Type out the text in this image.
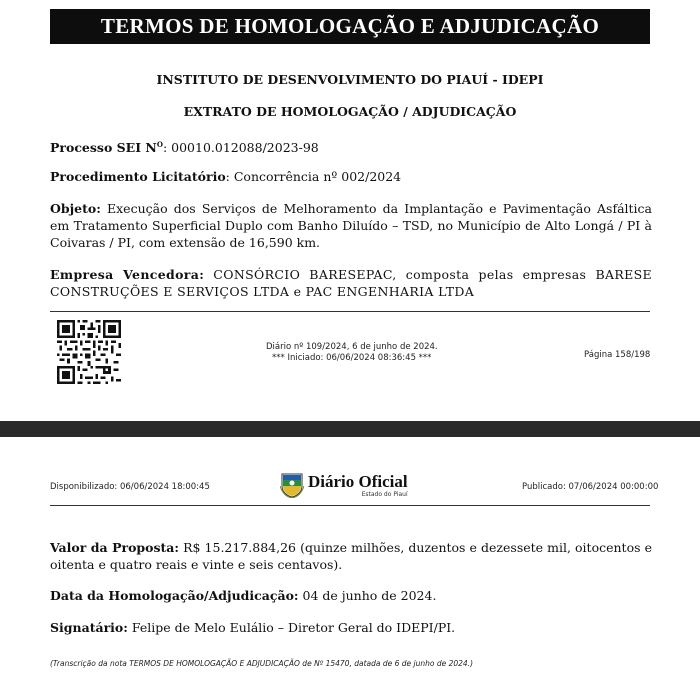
TERMOS DE HOMOLOGAÇÃO E ADJUDICAÇÃO
INSTITUTO DE DESENVOLVIMENTO DO PIAUÍ - IDEPI
EXTRATO DE HOMOLOGAÇÃO / ADJUDICAÇÃO
Processo SEI $N^O$: 00010.012088/2023-98
Procedimento Licitatório: Concorrência nº 002/2024
Objeto: Execução dos Serviços de Melhoramento da Implantação e Pavimentação Asfáltica em Tratamento Superficial Duplo com Banho Diluído – TSD, no Município de Alto Longá / PI à Coivaras / PI, com extensão de 16,590 km.
Empresa Vencedora: CONSÓRCIO BARESEPAC, composta pelas empresas BARESE CONSTRUÇÕES E SERVIÇOS LTDA e PAC ENGENHARIA LTDA
Diário nº 109/2024, 6 de junho de 2024.
*** Iniciado: 06/06/2024 08:36:45 ***	Página 158/198
Disponibilizado: 06/06/2024 18:00:45	Publicado: 07/06/2024 00:00:00
Diário Oficial
Estado do Piauí
Valor da Proposta: R$ 15.217.884,26 (quinze milhões, duzentos e dezessete mil, oitocentos e oitenta e quatro reais e vinte e seis centavos).
Data da Homologação/Adjudicação: 04 de junho de 2024.
Signatário: Felipe de Melo Eulálio – Diretor Geral do IDEPI/PI.
(Transcrição da nota TERMOS DE HOMOLOGAÇÃO E ADJUDICAÇÃO de Nº 15470, datada de 6 de junho de 2024.)
